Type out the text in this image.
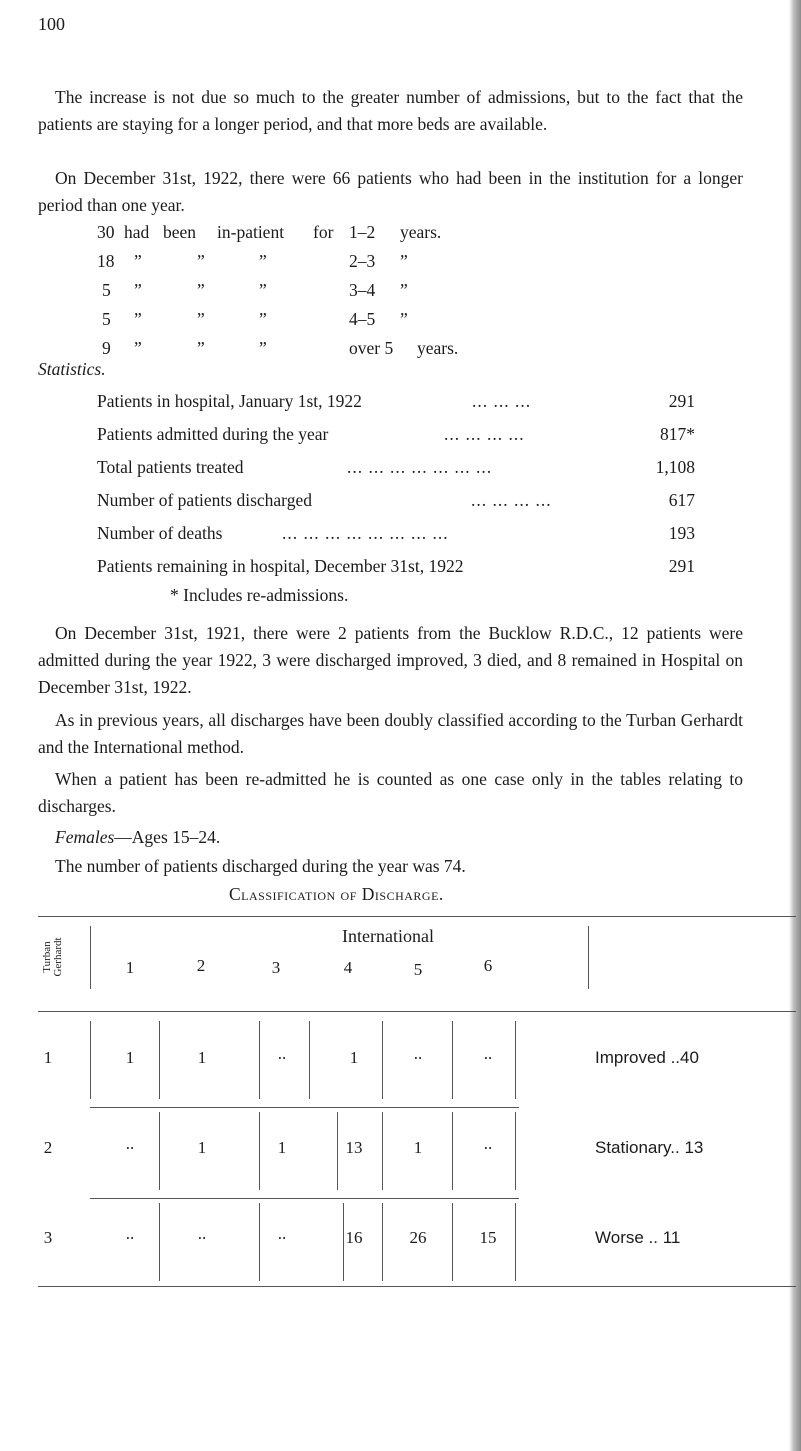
100
The increase is not due so much to the greater number of admissions, but to the fact that the patients are staying for a longer period, and that more beds are available.
On December 31st, 1922, there were 66 patients who had been in the institution for a longer period than one year.
30 had been in-patient for 1–2 years.
18 ”	”	”	2–3 ”
5 ”	”	”	3–4 ”
5 ”	”	”	4–5 ”
9 ”	”	”	over 5 years.
Statistics.
Patients in hospital, January 1st, 1922	... ... ...	291
Patients admitted during the year	... ... ... ...	817*
Total patients treated	... ... ... ... ... ... ...	1,108
Number of patients discharged	... ... ... ...	617
Number of deaths	... ... ... ... ... ... ... ...	193
Patients remaining in hospital, December 31st, 1922	291
* Includes re-admissions.
On December 31st, 1921, there were 2 patients from the Bucklow R.D.C., 12 patients were admitted during the year 1922, 3 were discharged improved, 3 died, and 8 remained in Hospital on December 31st, 1922.
As in previous years, all discharges have been doubly classified according to the Turban Gerhardt and the International method.
When a patient has been re-admitted he is counted as one case only in the tables relating to discharges.
Females—Ages 15–24.
The number of patients discharged during the year was 74.
Classification of Discharge.
Turban Gerhardt
International
1	2	3	4	5	6
1	1	1	..	1	..	..	Improved ..40
2	..	1	1	13	1	..	Stationary.. 13
3	..	..	..	16	26	15	Worse .. 11
